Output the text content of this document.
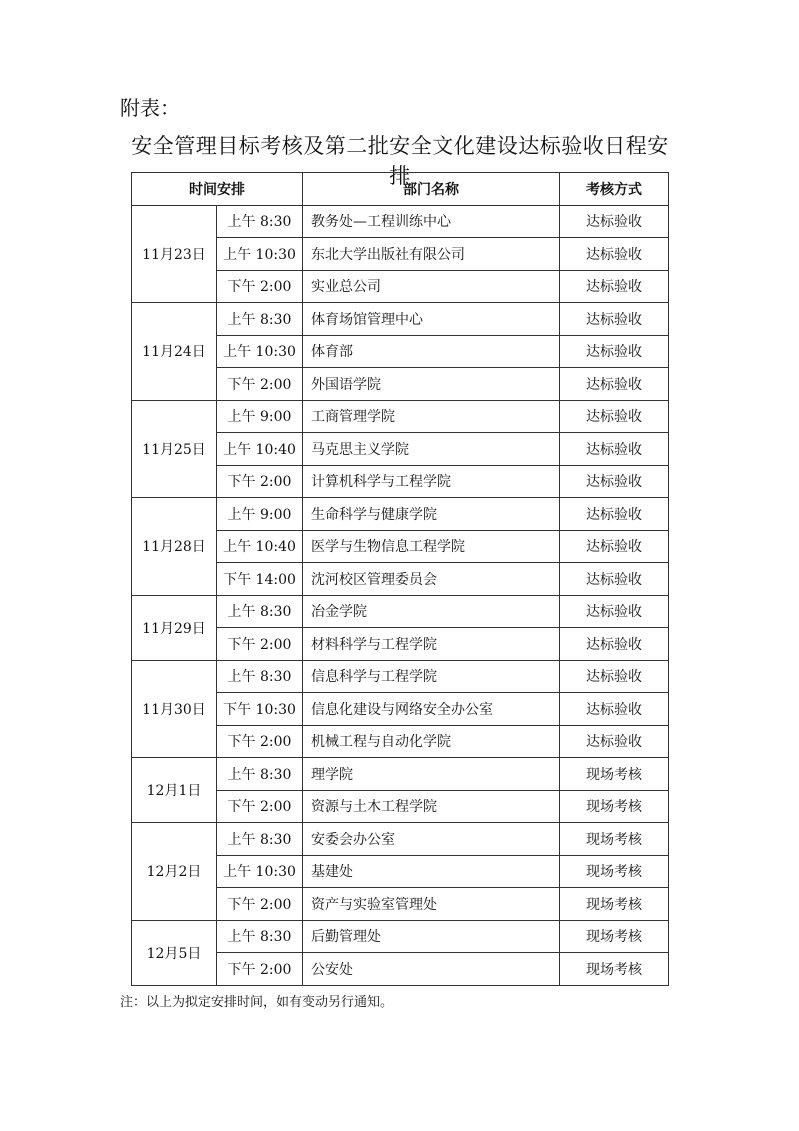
附表：
安全管理目标考核及第二批安全文化建设达标验收日程安排
时间安排		部门名称	考核方式
11月23日	上午 8:30	教务处—工程训练中心	达标验收
	上午 10:30	东北大学出版社有限公司	达标验收
	下午 2:00	实业总公司	达标验收
11月24日	上午 8:30	体育场馆管理中心	达标验收
	上午 10:30	体育部	达标验收
	下午 2:00	外国语学院	达标验收
11月25日	上午 9:00	工商管理学院	达标验收
	上午 10:40	马克思主义学院	达标验收
	下午 2:00	计算机科学与工程学院	达标验收
11月28日	上午 9:00	生命科学与健康学院	达标验收
	上午 10:40	医学与生物信息工程学院	达标验收
	下午 14:00	沈河校区管理委员会	达标验收
11月29日	上午 8:30	冶金学院	达标验收
	下午 2:00	材料科学与工程学院	达标验收
11月30日	上午 8:30	信息科学与工程学院	达标验收
	下午 10:30	信息化建设与网络安全办公室	达标验收
	下午 2:00	机械工程与自动化学院	达标验收
12月1日	上午 8:30	理学院	现场考核
	下午 2:00	资源与土木工程学院	现场考核
12月2日	上午 8:30	安委会办公室	现场考核
	上午 10:30	基建处	现场考核
	下午 2:00	资产与实验室管理处	现场考核
12月5日	上午 8:30	后勤管理处	现场考核
	下午 2:00	公安处	现场考核
注：以上为拟定安排时间，如有变动另行通知。
